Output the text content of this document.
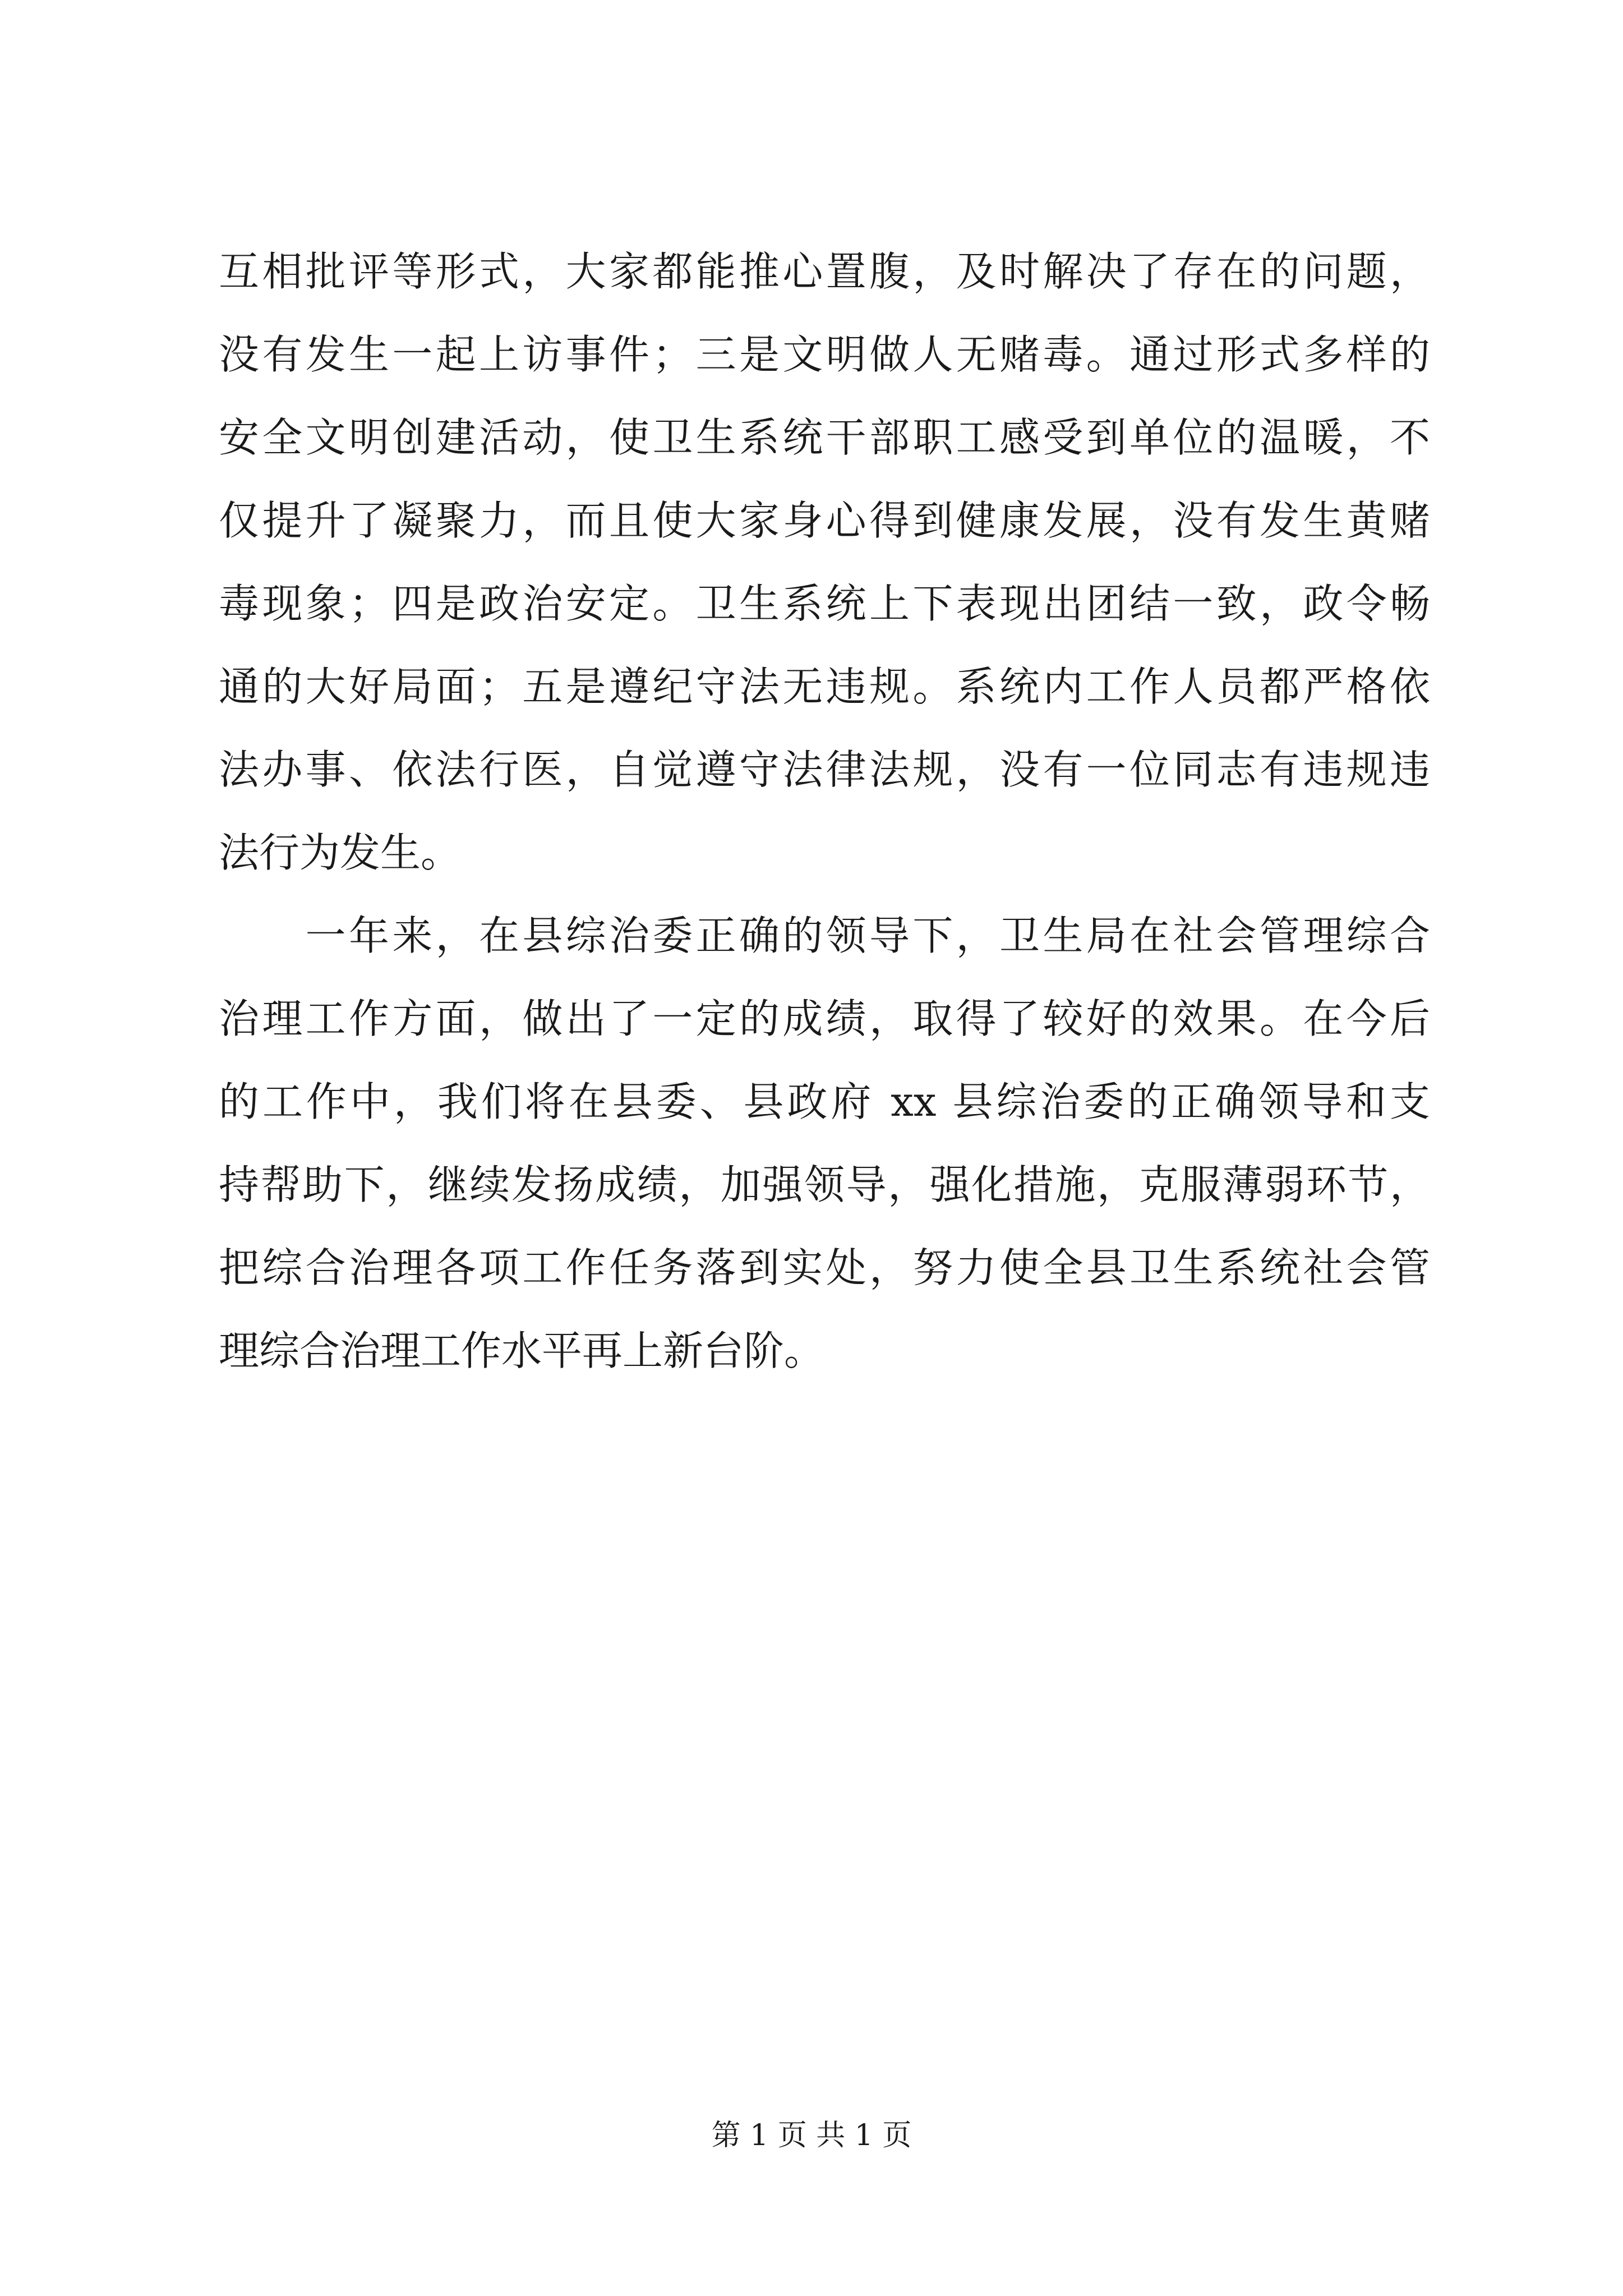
互相批评等形式，大家都能推心置腹，及时解决了存在的问题，
没有发生一起上访事件；三是文明做人无赌毒。通过形式多样的
安全文明创建活动，使卫生系统干部职工感受到单位的温暖，不
仅提升了凝聚力，而且使大家身心得到健康发展，没有发生黄赌
毒现象；四是政治安定。卫生系统上下表现出团结一致，政令畅
通的大好局面；五是遵纪守法无违规。系统内工作人员都严格依
法办事、依法行医，自觉遵守法律法规，没有一位同志有违规违
法行为发生。
　　一年来，在县综治委正确的领导下，卫生局在社会管理综合
治理工作方面，做出了一定的成绩，取得了较好的效果。在今后
的工作中，我们将在县委、县政府 xx 县综治委的正确领导和支
持帮助下，继续发扬成绩，加强领导，强化措施，克服薄弱环节，
把综合治理各项工作任务落到实处，努力使全县卫生系统社会管
理综合治理工作水平再上新台阶。
第 1 页 共 1 页
